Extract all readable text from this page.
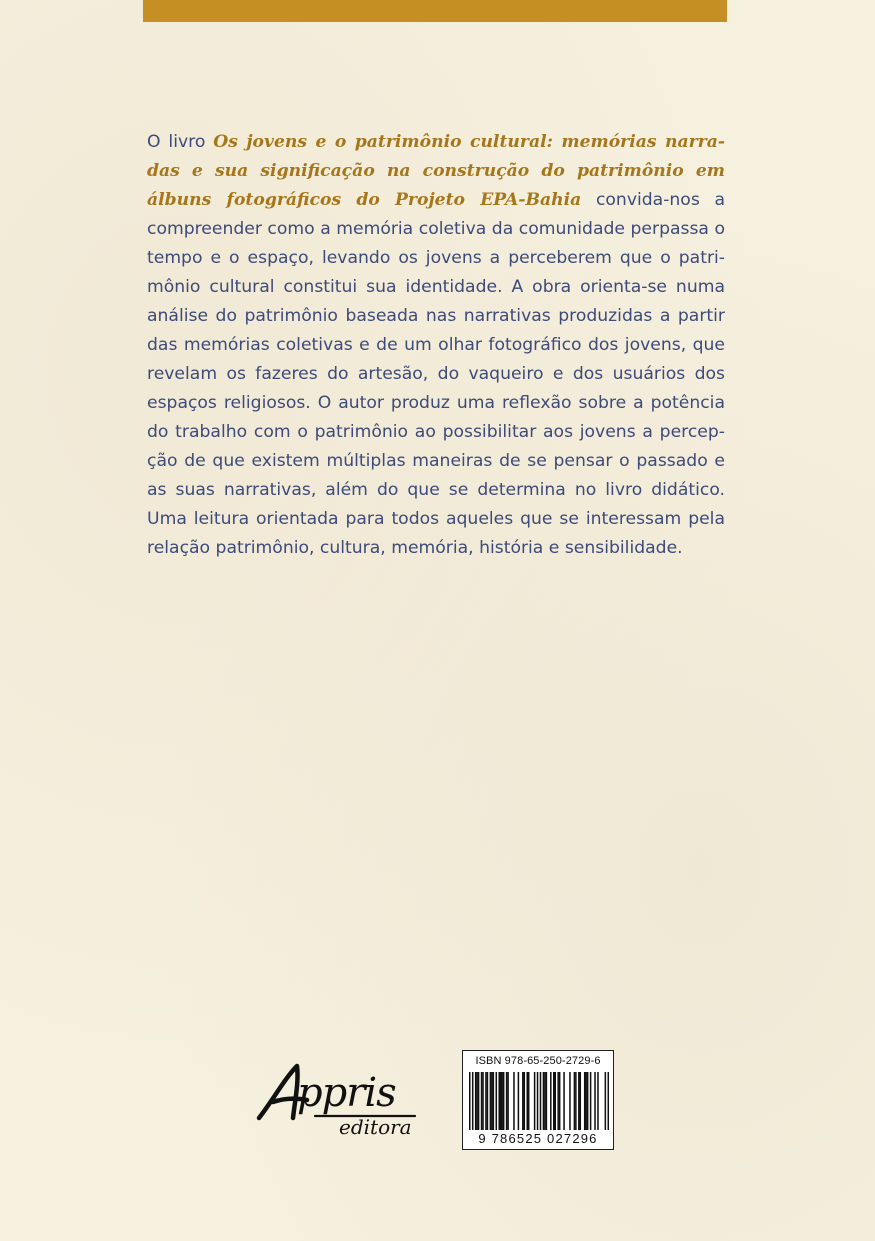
O livro Os jovens e o patrimônio cultural: memórias narradas e sua significação na construção do patrimônio em álbuns fotográficos do Projeto EPA-Bahia convida-nos a compreender como a memória coletiva da comunidade perpassa o tempo e o espaço, levando os jovens a perceberem que o patrimônio cultural constitui sua identidade. A obra orienta-se numa análise do patrimônio baseada nas narrativas produzidas a partir das memórias coletivas e de um olhar fotográfico dos jovens, que revelam os fazeres do artesão, do vaqueiro e dos usuários dos espaços religiosos. O autor produz uma reflexão sobre a potência do trabalho com o patrimônio ao possibilitar aos jovens a percepção de que existem múltiplas maneiras de se pensar o passado e as suas narrativas, além do que se determina no livro didático. Uma leitura orientada para todos aqueles que se interessam pela relação patrimônio, cultura, memória, história e sensibilidade.

ppris
editora
ISBN 978-65-250-2729-6
9 786525 027296
